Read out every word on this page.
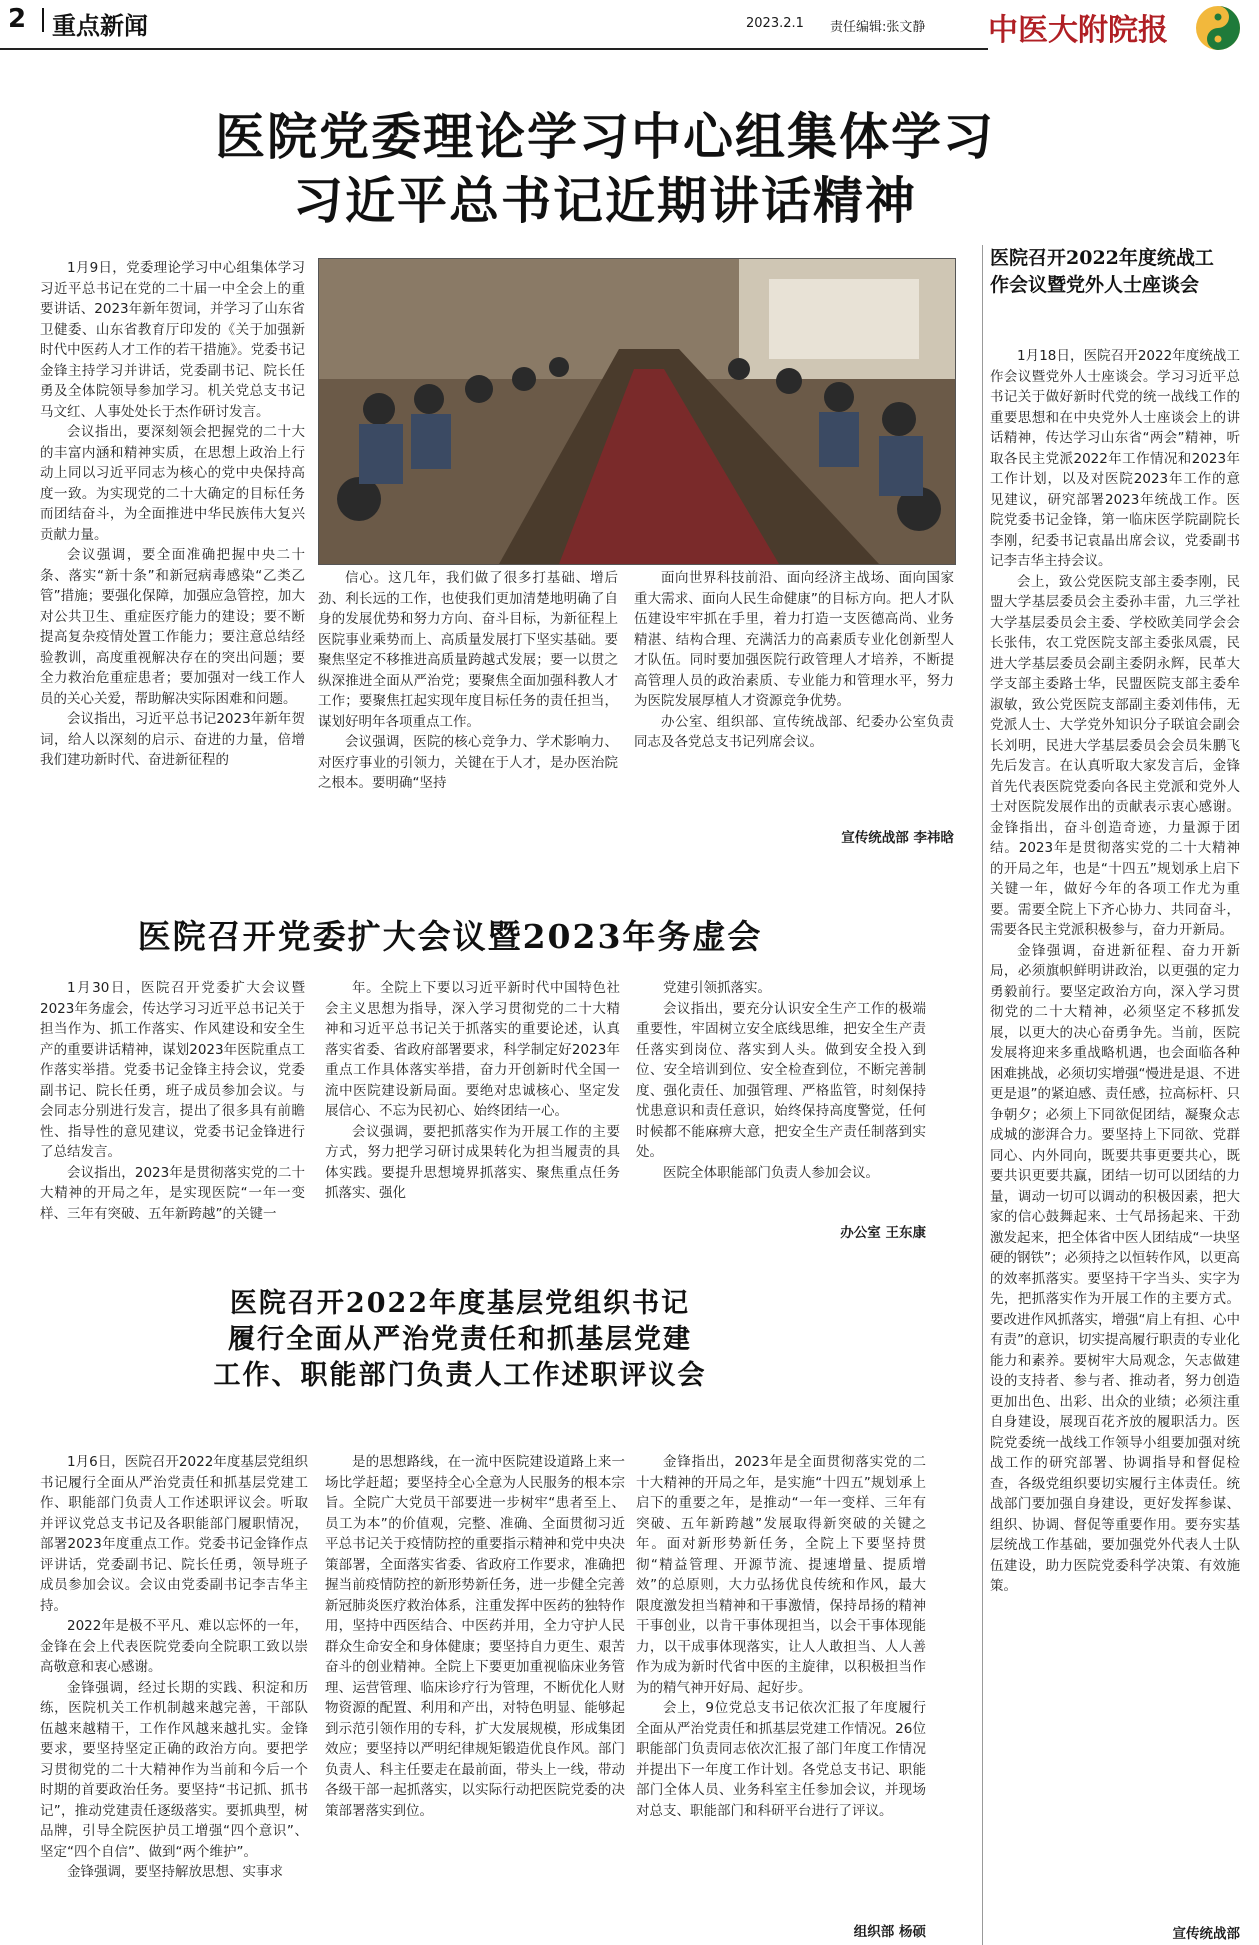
2 重点新闻	2023.2.1 责任编辑:张文静 中医大附院报
医院党委理论学习中心组集体学习
习近平总书记近期讲话精神

1月9日，党委理论学习中心组集体学习习近平总书记在党的二十届一中全会上的重要讲话、2023年新年贺词，并学习了山东省卫健委、山东省教育厅印发的《关于加强新时代中医药人才工作的若干措施》。党委书记金锋主持学习并讲话，党委副书记、院长任勇及全体院领导参加学习。机关党总支书记马文红、人事处处长于杰作研讨发言。

会议指出，要深刻领会把握党的二十大的丰富内涵和精神实质，在思想上政治上行动上同以习近平同志为核心的党中央保持高度一致。为实现党的二十大确定的目标任务而团结奋斗，为全面推进中华民族伟大复兴贡献力量。

会议强调，要全面准确把握中央二十条、落实“新十条”和新冠病毒感染“乙类乙管”措施；要强化保障，加强应急管控，加大对公共卫生、重症医疗能力的建设；要不断提高复杂疫情处置工作能力；要注意总结经验教训，高度重视解决存在的突出问题；要全力救治危重症患者；要加强对一线工作人员的关心关爱，帮助解决实际困难和问题。

会议指出，习近平总书记2023年新年贺词，给人以深刻的启示、奋进的力量，倍增我们建功新时代、奋进新征程的

信心。这几年，我们做了很多打基础、增后劲、利长远的工作，也使我们更加清楚地明确了自身的发展优势和努力方向、奋斗目标，为新征程上医院事业乘势而上、高质量发展打下坚实基础。要聚焦坚定不移推进高质量跨越式发展；要一以贯之纵深推进全面从严治党；要聚焦全面加强科教人才工作；要聚焦扛起实现年度目标任务的责任担当，谋划好明年各项重点工作。

会议强调，医院的核心竞争力、学术影响力、对医疗事业的引领力，关键在于人才，是办医治院之根本。要明确“坚持

面向世界科技前沿、面向经济主战场、面向国家重大需求、面向人民生命健康”的目标方向。把人才队伍建设牢牢抓在手里，着力打造一支医德高尚、业务精湛、结构合理、充满活力的高素质专业化创新型人才队伍。同时要加强医院行政管理人才培养，不断提高管理人员的政治素质、专业能力和管理水平，努力为医院发展厚植人才资源竞争优势。

办公室、组织部、宣传统战部、纪委办公室负责同志及各党总支书记列席会议。

宣传统战部 李祎晗
医院召开党委扩大会议暨2023年务虚会

1月30日，医院召开党委扩大会议暨2023年务虚会，传达学习习近平总书记关于担当作为、抓工作落实、作风建设和安全生产的重要讲话精神，谋划2023年医院重点工作落实举措。党委书记金锋主持会议，党委副书记、院长任勇，班子成员参加会议。与会同志分别进行发言，提出了很多具有前瞻性、指导性的意见建议，党委书记金锋进行了总结发言。

会议指出，2023年是贯彻落实党的二十大精神的开局之年，是实现医院“一年一变样、三年有突破、五年新跨越”的关键一

年。全院上下要以习近平新时代中国特色社会主义思想为指导，深入学习贯彻党的二十大精神和习近平总书记关于抓落实的重要论述，认真落实省委、省政府部署要求，科学制定好2023年重点工作具体落实举措，奋力开创新时代全国一流中医院建设新局面。要绝对忠诚核心、坚定发展信心、不忘为民初心、始终团结一心。

会议强调，要把抓落实作为开展工作的主要方式，努力把学习研讨成果转化为担当履责的具体实践。要提升思想境界抓落实、聚焦重点任务抓落实、强化

党建引领抓落实。

会议指出，要充分认识安全生产工作的极端重要性，牢固树立安全底线思维，把安全生产责任落实到岗位、落实到人头。做到安全投入到位、安全培训到位、安全检查到位，不断完善制度、强化责任、加强管理、严格监管，时刻保持忧患意识和责任意识，始终保持高度警觉，任何时候都不能麻痹大意，把安全生产责任制落到实处。

医院全体职能部门负责人参加会议。

办公室 王东康
医院召开2022年度基层党组织书记
履行全面从严治党责任和抓基层党建
工作、职能部门负责人工作述职评议会

1月6日，医院召开2022年度基层党组织书记履行全面从严治党责任和抓基层党建工作、职能部门负责人工作述职评议会。听取并评议党总支书记及各职能部门履职情况，部署2023年度重点工作。党委书记金锋作点评讲话，党委副书记、院长任勇，领导班子成员参加会议。会议由党委副书记李吉华主持。

2022年是极不平凡、难以忘怀的一年，金锋在会上代表医院党委向全院职工致以崇高敬意和衷心感谢。

金锋强调，经过长期的实践、积淀和历练，医院机关工作机制越来越完善，干部队伍越来越精干，工作作风越来越扎实。金锋要求，要坚持坚定正确的政治方向。要把学习贯彻党的二十大精神作为当前和今后一个时期的首要政治任务。要坚持“书记抓、抓书记”，推动党建责任逐级落实。要抓典型，树品牌，引导全院医护员工增强“四个意识”、坚定“四个自信”、做到“两个维护”。

金锋强调，要坚持解放思想、实事求

是的思想路线，在一流中医院建设道路上来一场比学赶超；要坚持全心全意为人民服务的根本宗旨。全院广大党员干部要进一步树牢“患者至上、员工为本”的价值观，完整、准确、全面贯彻习近平总书记关于疫情防控的重要指示精神和党中央决策部署，全面落实省委、省政府工作要求，准确把握当前疫情防控的新形势新任务，进一步健全完善新冠肺炎医疗救治体系，注重发挥中医药的独特作用，坚持中西医结合、中医药并用，全力守护人民群众生命安全和身体健康；要坚持自力更生、艰苦奋斗的创业精神。全院上下要更加重视临床业务管理、运营管理、临床诊疗行为管理，不断优化人财物资源的配置、利用和产出，对特色明显、能够起到示范引领作用的专科，扩大发展规模，形成集团效应；要坚持以严明纪律规矩锻造优良作风。部门负责人、科主任要走在最前面，带头上一线，带动各级干部一起抓落实，以实际行动把医院党委的决策部署落实到位。

金锋指出，2023年是全面贯彻落实党的二十大精神的开局之年，是实施“十四五”规划承上启下的重要之年，是推动“一年一变样、三年有突破、五年新跨越”发展取得新突破的关键之年。面对新形势新任务，全院上下要坚持贯彻“精益管理、开源节流、提速增量、提质增效”的总原则，大力弘扬优良传统和作风，最大限度激发担当精神和干事激情，保持昂扬的精神干事创业，以肯干事体现担当，以会干事体现能力，以干成事体现落实，让人人敢担当、人人善作为成为新时代省中医的主旋律，以积极担当作为的精气神开好局、起好步。

会上，9位党总支书记依次汇报了年度履行全面从严治党责任和抓基层党建工作情况。26位职能部门负责同志依次汇报了部门年度工作情况并提出下一年度工作计划。各党总支书记、职能部门全体人员、业务科室主任参加会议，并现场对总支、职能部门和科研平台进行了评议。

组织部 杨硕
医院召开2022年度统战工作会议暨党外人士座谈会

1月18日，医院召开2022年度统战工作会议暨党外人士座谈会。学习习近平总书记关于做好新时代党的统一战线工作的重要思想和在中央党外人士座谈会上的讲话精神，传达学习山东省“两会”精神，听取各民主党派2022年工作情况和2023年工作计划，以及对医院2023年工作的意见建议，研究部署2023年统战工作。医院党委书记金锋，第一临床医学院副院长李刚，纪委书记袁晶出席会议，党委副书记李吉华主持会议。

会上，致公党医院支部主委李刚，民盟大学基层委员会主委孙丰雷，九三学社大学基层委员会主委、学校欧美同学会会长张伟，农工党医院支部主委张凤震，民进大学基层委员会副主委阴永辉，民革大学支部主委路士华，民盟医院支部主委牟淑敏，致公党医院支部副主委刘伟伟，无党派人士、大学党外知识分子联谊会副会长刘明，民进大学基层委员会会员朱鹏飞先后发言。在认真听取大家发言后，金锋首先代表医院党委向各民主党派和党外人士对医院发展作出的贡献表示衷心感谢。金锋指出，奋斗创造奇迹，力量源于团结。2023年是贯彻落实党的二十大精神的开局之年，也是“十四五”规划承上启下关键一年，做好今年的各项工作尤为重要。需要全院上下齐心协力、共同奋斗，需要各民主党派积极参与，奋力开新局。

金锋强调，奋进新征程、奋力开新局，必须旗帜鲜明讲政治，以更强的定力勇毅前行。要坚定政治方向，深入学习贯彻党的二十大精神，必须坚定不移抓发展，以更大的决心奋勇争先。当前，医院发展将迎来多重战略机遇，也会面临各种困难挑战，必须切实增强“慢进是退、不进更是退”的紧迫感、责任感，拉高标杆、只争朝夕；必须上下同欲促团结，凝聚众志成城的澎湃合力。要坚持上下同欲、党群同心、内外同向，既要共事更要共心，既要共识更要共赢，团结一切可以团结的力量，调动一切可以调动的积极因素，把大家的信心鼓舞起来、士气昂扬起来、干劲激发起来，把全体省中医人团结成“一块坚硬的钢铁”；必须持之以恒转作风，以更高的效率抓落实。要坚持干字当头、实字为先，把抓落实作为开展工作的主要方式。要改进作风抓落实，增强“肩上有担、心中有责”的意识，切实提高履行职责的专业化能力和素养。要树牢大局观念，矢志做建设的支持者、参与者、推动者，努力创造更加出色、出彩、出众的业绩；必须注重自身建设，展现百花齐放的履职活力。医院党委统一战线工作领导小组要加强对统战工作的研究部署、协调指导和督促检查，各级党组织要切实履行主体责任。统战部门要加强自身建设，更好发挥参谋、组织、协调、督促等重要作用。要夯实基层统战工作基础，要加强党外代表人士队伍建设，助力医院党委科学决策、有效施策。

宣传统战部
